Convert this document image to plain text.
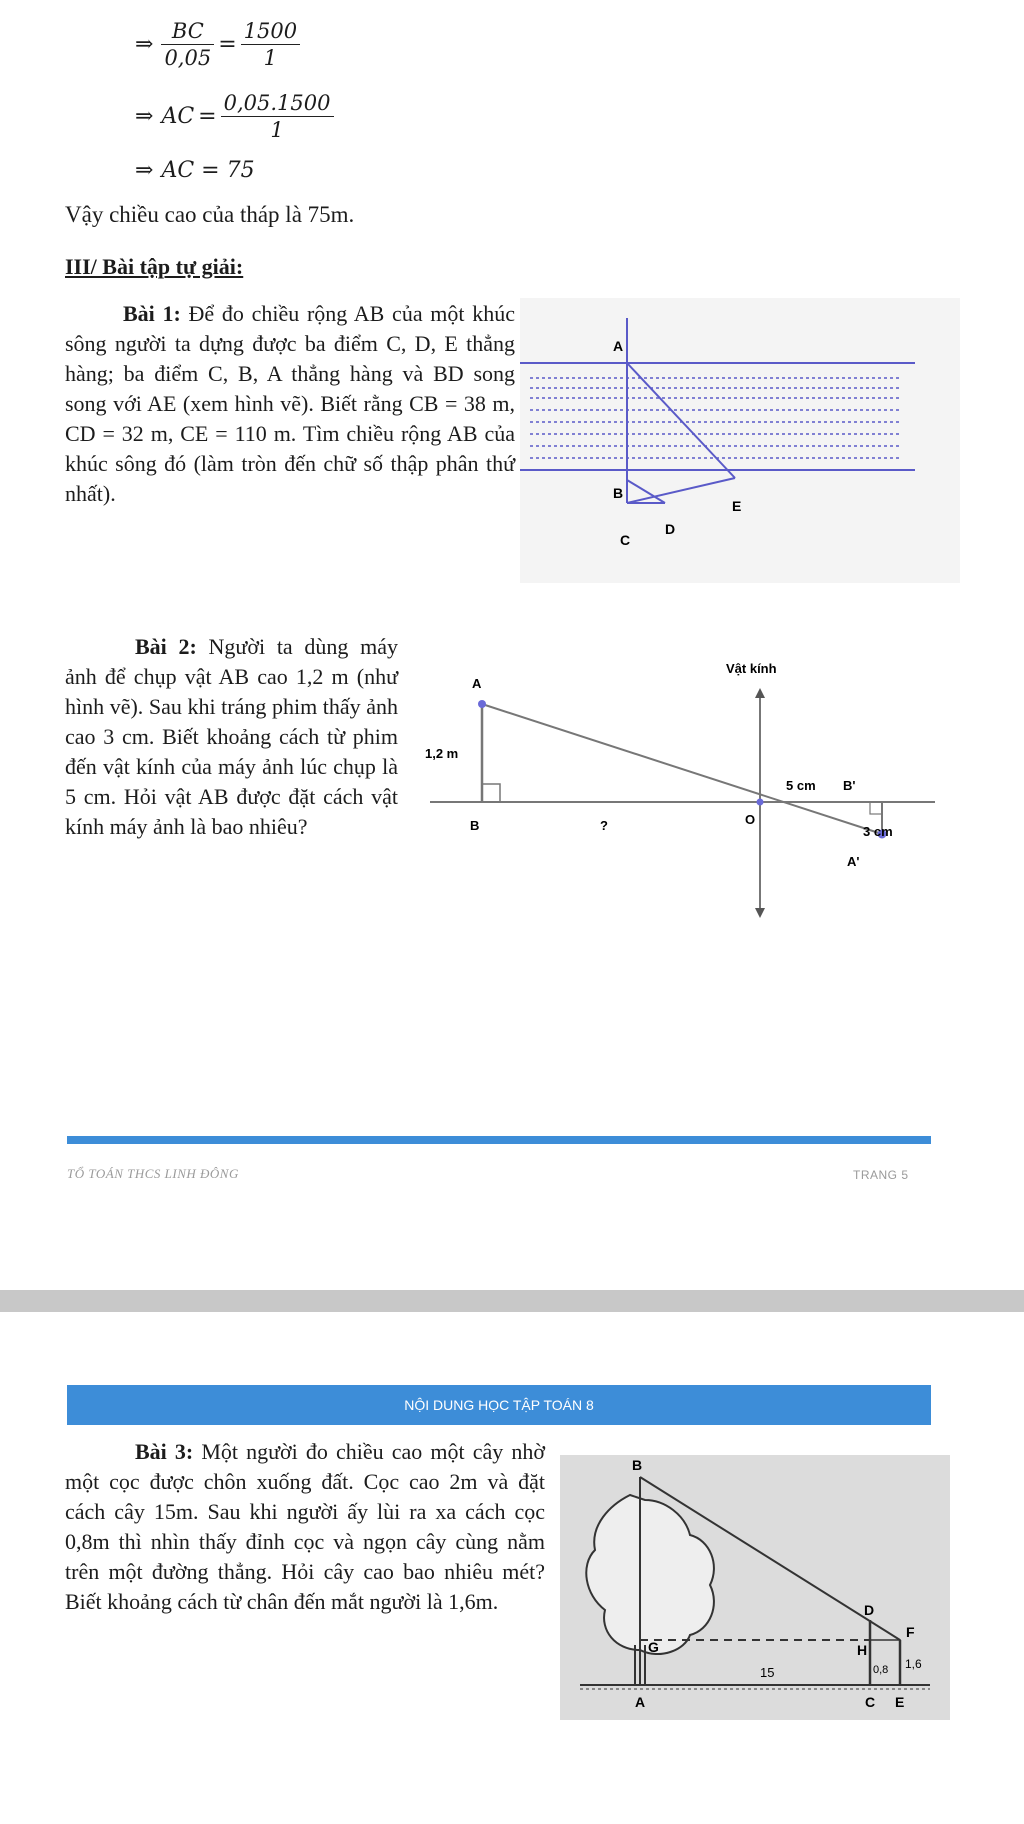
⇒ $\frac{BC}{0,05} = \frac{1500}{1}$
⇒ AC = $\frac{0,05.1500}{1}$
⇒ AC = 75
Vậy chiều cao của tháp là 75m.
III/ Bài tập tự giải:

Bài 1: Để đo chiều rộng AB của một khúc sông người ta dựng được ba điểm C, D, E thẳng hàng; ba điểm C, B, A thẳng hàng và BD song song với AE (xem hình vẽ). Biết rằng CB = 38 m, CD = 32 m, CE = 110 m. Tìm chiều rộng AB của khúc sông đó (làm tròn đến chữ số thập phân thứ nhất).

A
B
C
D
E

Bài 2: Người ta dùng máy ảnh để chụp vật AB cao 1,2 m (như hình vẽ). Sau khi tráng phim thấy ảnh cao 3 cm. Biết khoảng cách từ phim đến vật kính của máy ảnh lúc chụp là 5 cm. Hỏi vật AB được đặt cách vật kính máy ảnh là bao nhiêu?

Vật kính
A
1,2 m
B	?	O
5 cm B'
3 cm
A'
TỔ TOÁN THCS LINH ĐÔNG	TRANG 5
NỘI DUNG HỌC TẬP TOÁN 8

Bài 3: Một người đo chiều cao một cây nhờ một cọc được chôn xuống đất. Cọc cao 2m và đặt cách cây 15m. Sau khi người ấy lùi ra xa cách cọc 0,8m thì nhìn thấy đỉnh cọc và ngọn cây cùng nằm trên một đường thẳng. Hỏi cây cao bao nhiêu mét? Biết khoảng cách từ chân đến mắt người là 1,6m.

B
D
F
G	H
15	0,8 1,6
A	C E
